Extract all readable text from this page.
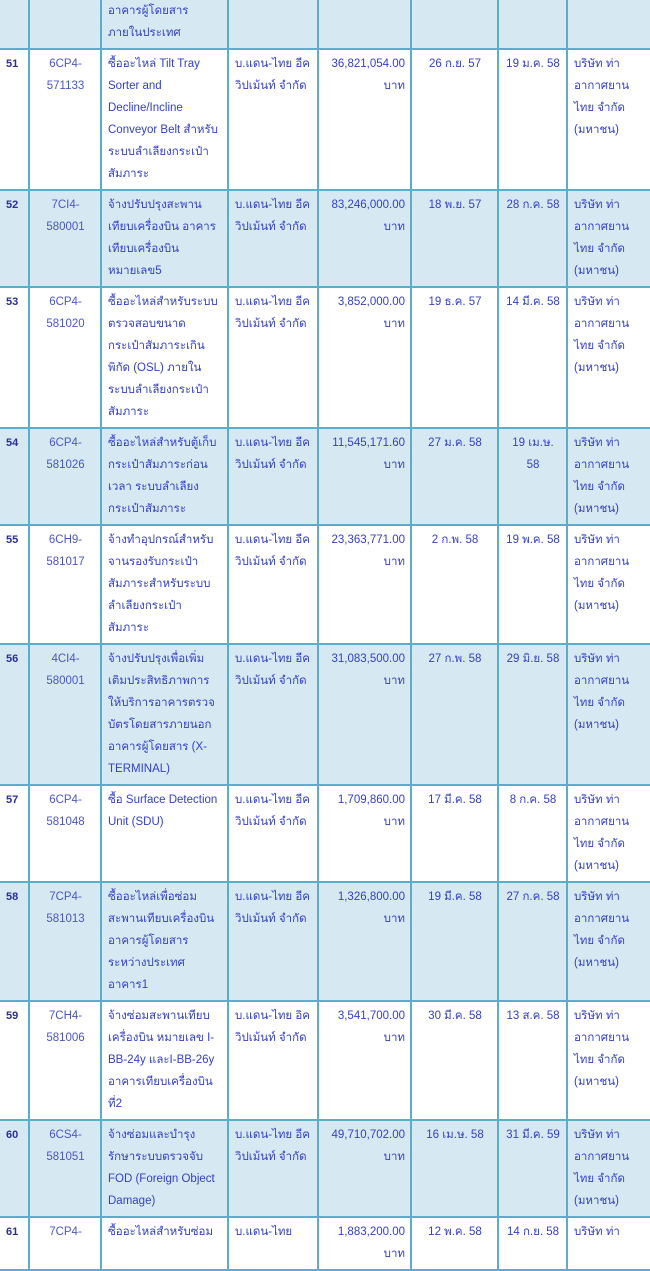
		อาคารผู้โดยสาร ภายในประเทศ					

51	6CP4-571133	ซื้ออะไหล่ Tilt Tray Sorter and Decline/Incline Conveyor Belt สำหรับระบบลำเลียงกระเป๋าสัมภาระ	บ.แดน-ไทย อีควิปเม้นท์ จำกัด	36,821,054.00 บาท	26 ก.ย. 57	19 ม.ค. 58	บริษัท ท่าอากาศยานไทย จำกัด (มหาชน)

52	7CI4-580001	จ้างปรับปรุงสะพานเทียบเครื่องบิน อาคารเทียบเครื่องบินหมายเลข5	บ.แดน-ไทย อีควิปเม้นท์ จำกัด	83,246,000.00 บาท	18 พ.ย. 57	28 ก.ค. 58	บริษัท ท่าอากาศยานไทย จำกัด (มหาชน)

53	6CP4-581020	ซื้ออะไหล่สำหรับระบบตรวจสอบขนาดกระเป๋าสัมภาระเกินพิกัด (OSL) ภายในระบบลำเลียงกระเป๋าสัมภาระ	บ.แดน-ไทย อีควิปเม้นท์ จำกัด	3,852,000.00 บาท	19 ธ.ค. 57	14 มี.ค. 58	บริษัท ท่าอากาศยานไทย จำกัด (มหาชน)

54	6CP4-581026	ซื้ออะไหล่สำหรับตู้เก็บกระเป๋าสัมภาระก่อนเวลา ระบบลำเลียงกระเป๋าสัมภาระ	บ.แดน-ไทย อีควิปเม้นท์ จำกัด	11,545,171.60 บาท	27 ม.ค. 58	19 เม.ษ. 58	บริษัท ท่าอากาศยานไทย จำกัด (มหาชน)

55	6CH9-581017	จ้างทำอุปกรณ์สำหรับจานรองรับกระเป๋าสัมภาระสำหรับระบบลำเลียงกระเป๋าสัมภาระ	บ.แดน-ไทย อีควิปเม้นท์ จำกัด	23,363,771.00 บาท	2 ก.พ. 58	19 พ.ค. 58	บริษัท ท่าอากาศยานไทย จำกัด (มหาชน)

56	4CI4-580001	จ้างปรับปรุงเพื่อเพิ่มเติมประสิทธิภาพการให้บริการอาคารตรวจบัตรโดยสารภายนอกอาคารผู้โดยสาร (X-TERMINAL)	บ.แดน-ไทย อีควิปเม้นท์ จำกัด	31,083,500.00 บาท	27 ก.พ. 58	29 มิ.ย. 58	บริษัท ท่าอากาศยานไทย จำกัด (มหาชน)

57	6CP4-581048	ซื้อ Surface Detection Unit (SDU)	บ.แดน-ไทย อีควิปเม้นท์ จำกัด	1,709,860.00 บาท	17 มี.ค. 58	8 ก.ค. 58	บริษัท ท่าอากาศยานไทย จำกัด (มหาชน)

58	7CP4-581013	ซื้ออะไหล่เพื่อซ่อมสะพานเทียบเครื่องบิน อาคารผู้โดยสารระหว่างประเทศ อาคาร1	บ.แดน-ไทย อีควิปเม้นท์ จำกัด	1,326,800.00 บาท	19 มี.ค. 58	27 ก.ค. 58	บริษัท ท่าอากาศยานไทย จำกัด (มหาชน)

59	7CH4-581006	จ้างซ่อมสะพานเทียบเครื่องบิน หมายเลข I-BB-24y และI-BB-26y อาคารเทียบเครื่องบินที่2	บ.แดน-ไทย อิควิปเม้นท์ จำกัด	3,541,700.00 บาท	30 มี.ค. 58	13 ส.ค. 58	บริษัท ท่าอากาศยานไทย จำกัด (มหาชน)

60	6CS4-581051	จ้างซ่อมและบำรุงรักษาระบบตรวจจับ FOD (Foreign Object Damage)	บ.แดน-ไทย อีควิปเม้นท์ จำกัด	49,710,702.00 บาท	16 เม.ษ. 58	31 มี.ค. 59	บริษัท ท่าอากาศยานไทย จำกัด (มหาชน)

61	7CP4-	ซื้ออะไหล่สำหรับซ่อม	บ.แดน-ไทย	1,883,200.00 บาท	12 พ.ค. 58	14 ก.ย. 58	บริษัท ท่า
